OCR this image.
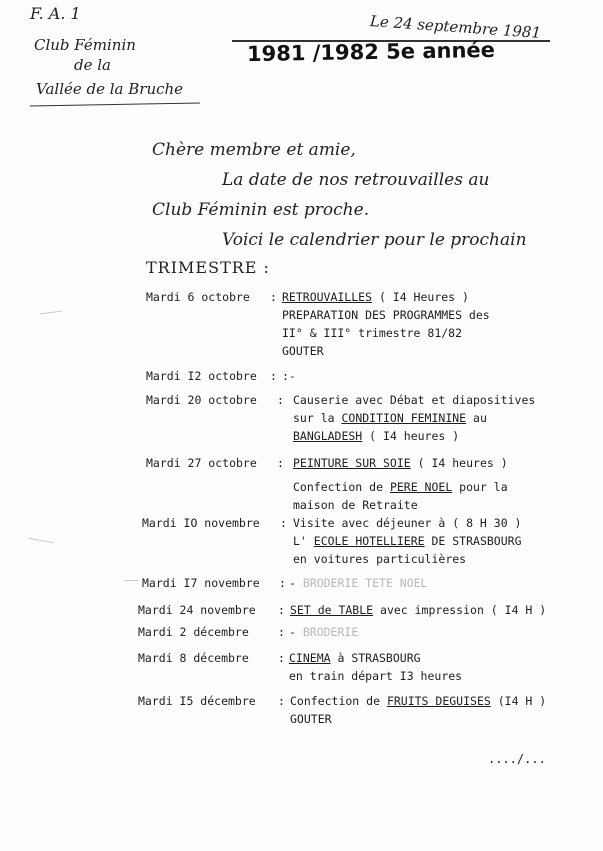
F. A. 1
Club Féminin
de la
Vallée de la Bruche
Le 24 septembre 1981
1981 /1982 5e année
Chère membre et amie,
La date de nos retrouvailles au
Club Féminin est proche.
Voici le calendrier pour le prochain
TRIMESTRE :
Mardi 6 octobre : RETROUVAILLES ( I4 Heures )
PREPARATION DES PROGRAMMES des
II° & III° trimestre 81/82
GOUTER
Mardi I2 octobre : :-
Mardi 20 octobre : Causerie avec Débat et diapositives
sur la CONDITION FEMININE au
BANGLADESH ( I4 heures )
Mardi 27 octobre : PEINTURE SUR SOIE ( I4 heures )
Confection de PERE NOEL pour la
maison de Retraite
Mardi IO novembre : Visite avec déjeuner à ( 8 H 30 )
L' ECOLE HOTELLIERE DE STRASBOURG
en voitures particulières
Mardi I7 novembre : - BRODERIE TETE NOEL
Mardi 24 novembre : SET de TABLE avec impression ( I4 H )
Mardi 2 décembre	: - BRODERIE
Mardi 8 décembre	: CINEMA à STRASBOURG
en train départ I3 heures
Mardi I5 décembre : Confection de FRUITS DEGUISES (I4 H )
GOUTER
..../...
